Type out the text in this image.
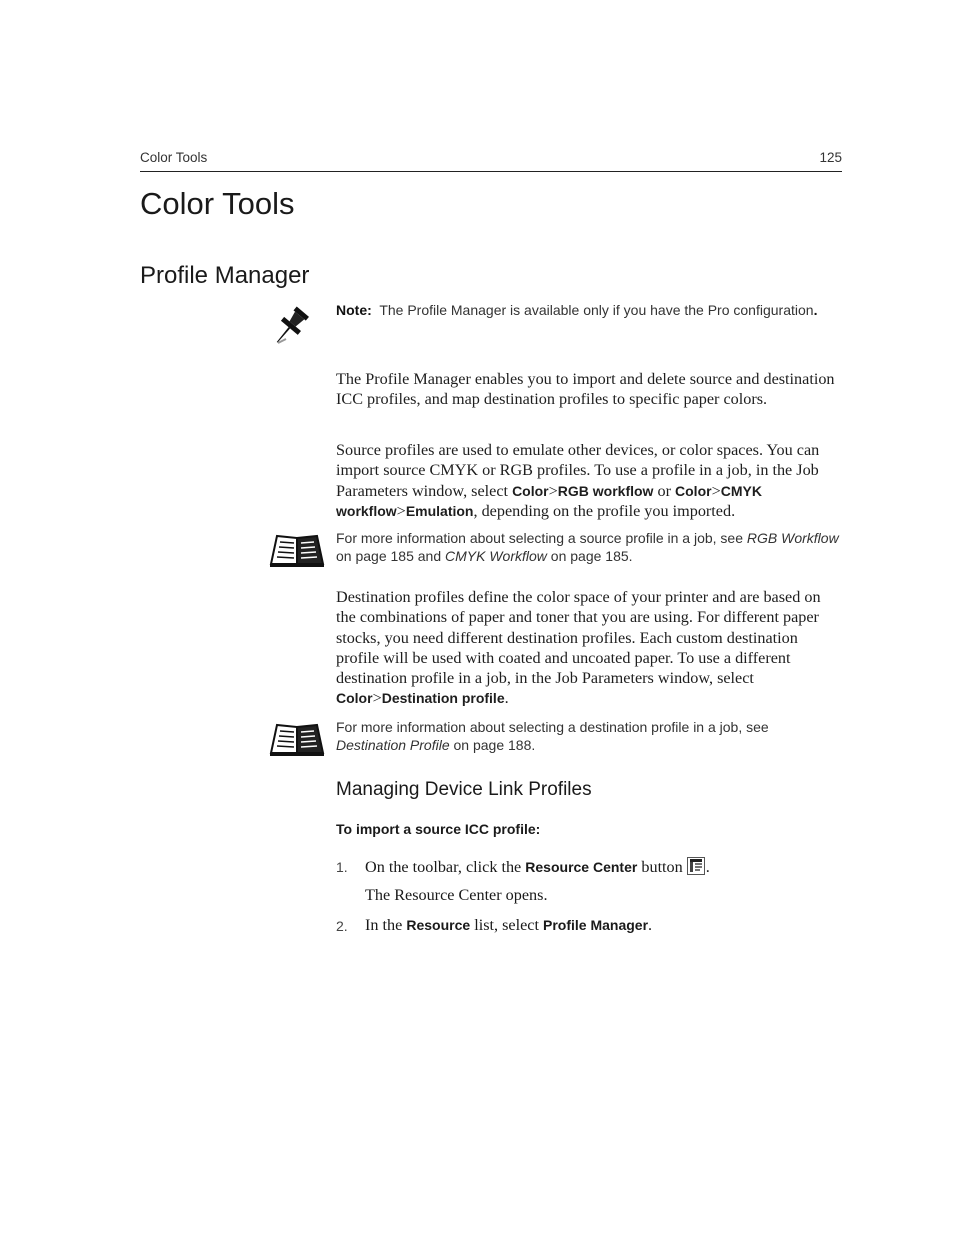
Color Tools	125
Color Tools
Profile Manager
Note: The Profile Manager is available only if you have the Pro configuration.
The Profile Manager enables you to import and delete source and destination ICC profiles, and map destination profiles to specific paper colors.
Source profiles are used to emulate other devices, or color spaces. You can import source CMYK or RGB profiles. To use a profile in a job, in the Job Parameters window, select Color>RGB workflow or Color>CMYK workflow>Emulation, depending on the profile you imported.
For more information about selecting a source profile in a job, see RGB Workflow on page 185 and CMYK Workflow on page 185.
Destination profiles define the color space of your printer and are based on the combinations of paper and toner that you are using. For different paper stocks, you need different destination profiles. Each custom destination profile will be used with coated and uncoated paper. To use a different destination profile in a job, in the Job Parameters window, select Color>Destination profile.
For more information about selecting a destination profile in a job, see Destination Profile on page 188.
Managing Device Link Profiles
To import a source ICC profile:
1. On the toolbar, click the Resource Center button .
The Resource Center opens.
2. In the Resource list, select Profile Manager.
